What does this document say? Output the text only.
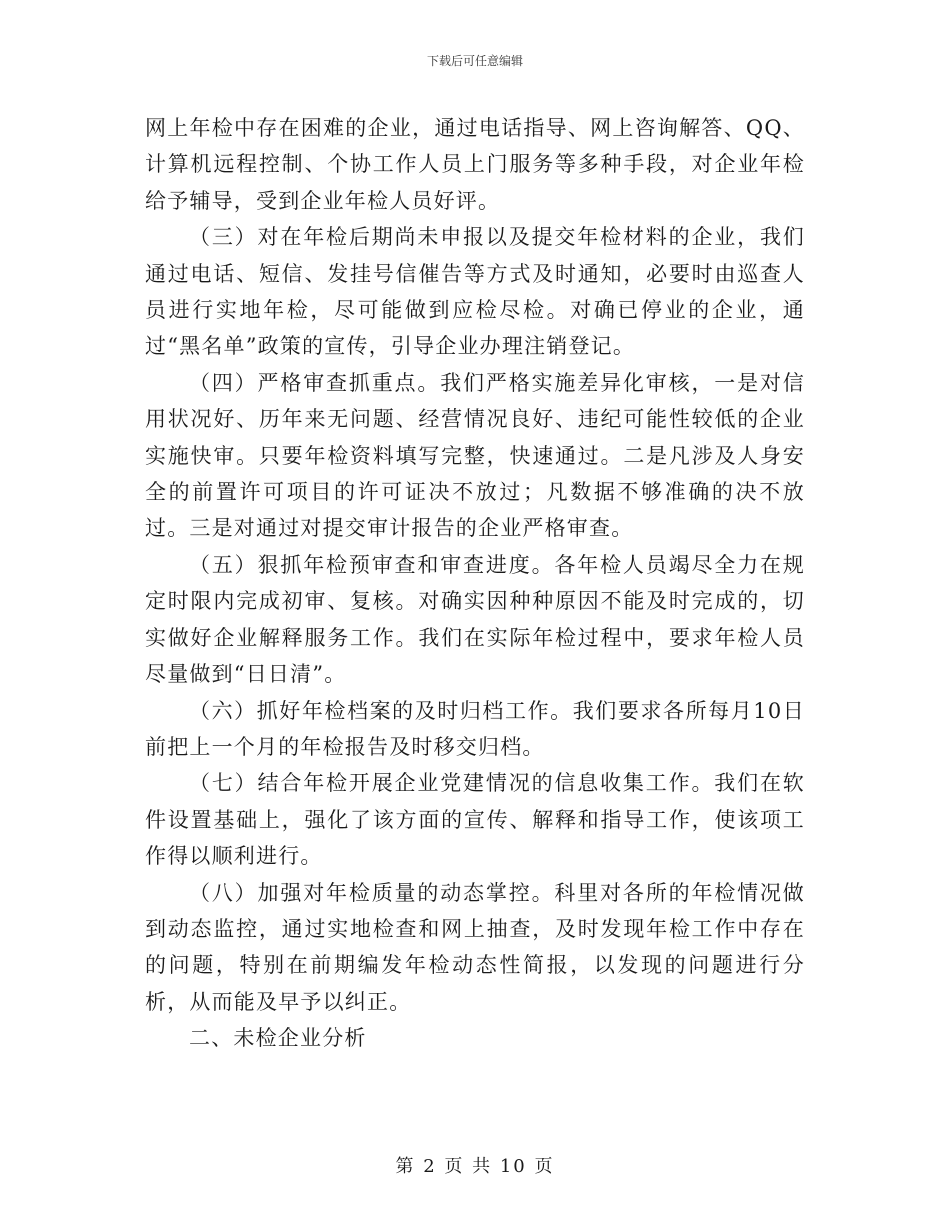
下载后可任意编辑

网上年检中存在困难的企业，通过电话指导、网上咨询解答、QQ、计算机远程控制、个协工作人员上门服务等多种手段，对企业年检给予辅导，受到企业年检人员好评。

（三）对在年检后期尚未申报以及提交年检材料的企业，我们通过电话、短信、发挂号信催告等方式及时通知，必要时由巡查人员进行实地年检，尽可能做到应检尽检。对确已停业的企业，通过“黑名单”政策的宣传，引导企业办理注销登记。

（四）严格审查抓重点。我们严格实施差异化审核，一是对信用状况好、历年来无问题、经营情况良好、违纪可能性较低的企业实施快审。只要年检资料填写完整，快速通过。二是凡涉及人身安全的前置许可项目的许可证决不放过；凡数据不够准确的决不放过。三是对通过对提交审计报告的企业严格审查。

（五）狠抓年检预审查和审查进度。各年检人员竭尽全力在规定时限内完成初审、复核。对确实因种种原因不能及时完成的，切实做好企业解释服务工作。我们在实际年检过程中，要求年检人员尽量做到“日日清”。

（六）抓好年检档案的及时归档工作。我们要求各所每月10日前把上一个月的年检报告及时移交归档。

（七）结合年检开展企业党建情况的信息收集工作。我们在软件设置基础上，强化了该方面的宣传、解释和指导工作，使该项工作得以顺利进行。

（八）加强对年检质量的动态掌控。科里对各所的年检情况做到动态监控，通过实地检查和网上抽查，及时发现年检工作中存在的问题，特别在前期编发年检动态性简报，以发现的问题进行分析，从而能及早予以纠正。

二、未检企业分析

第 2 页 共 10 页
